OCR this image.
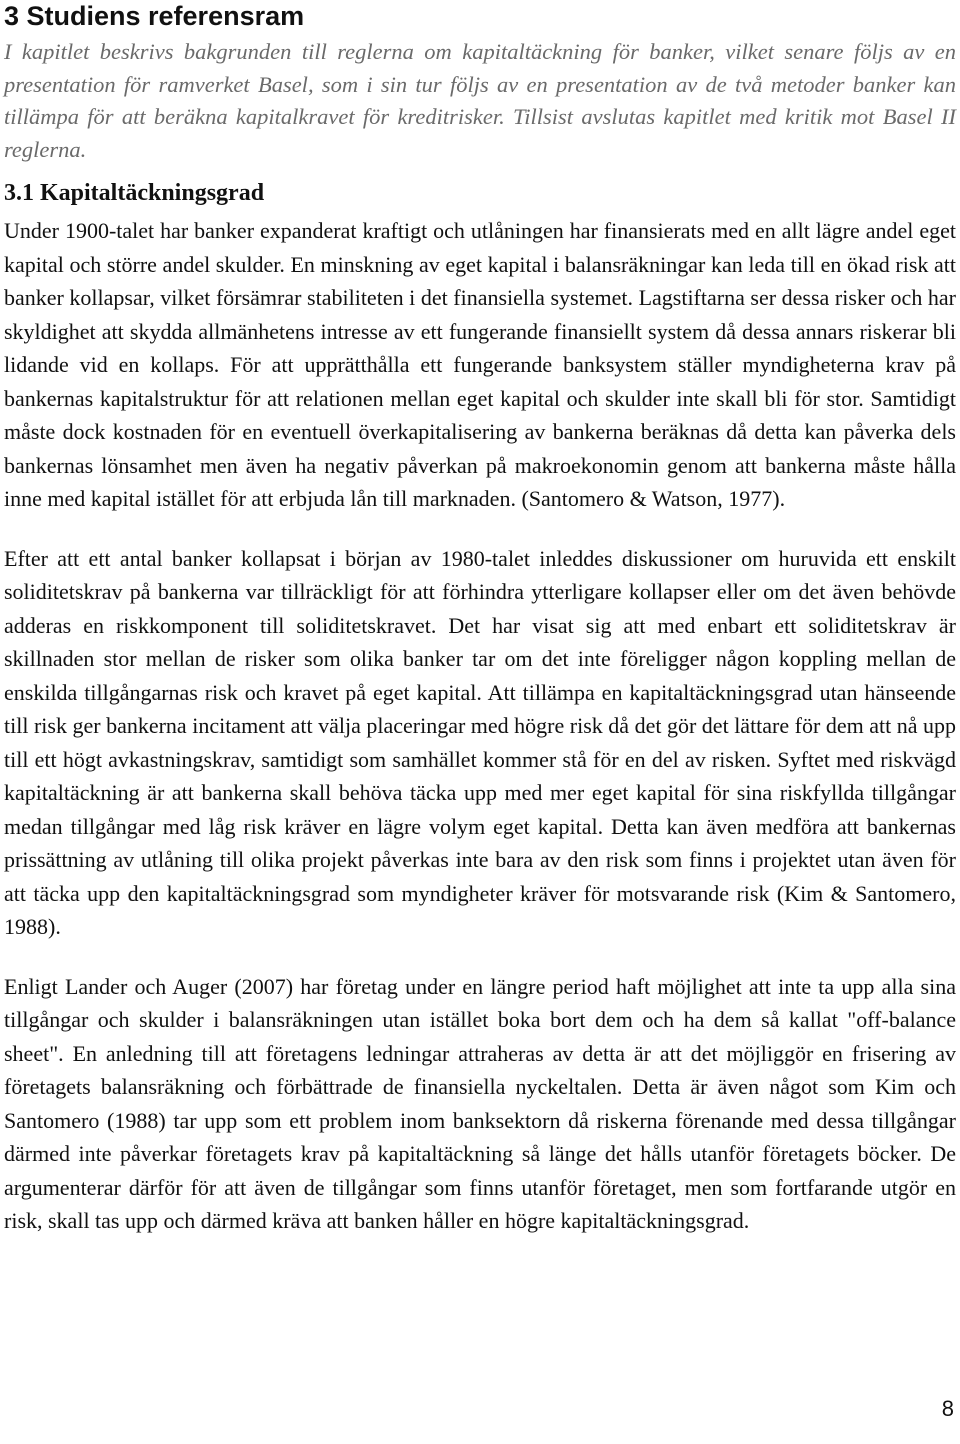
3 Studiens referensram

I kapitlet beskrivs bakgrunden till reglerna om kapitaltäckning för banker, vilket senare följs av en presentation för ramverket Basel, som i sin tur följs av en presentation av de två metoder banker kan tillämpa för att beräkna kapitalkravet för kreditrisker. Tillsist avslutas kapitlet med kritik mot Basel II reglerna.

3.1 Kapitaltäckningsgrad

Under 1900-talet har banker expanderat kraftigt och utlåningen har finansierats med en allt lägre andel eget kapital och större andel skulder. En minskning av eget kapital i balansräkningar kan leda till en ökad risk att banker kollapsar, vilket försämrar stabiliteten i det finansiella systemet. Lagstiftarna ser dessa risker och har skyldighet att skydda allmänhetens intresse av ett fungerande finansiellt system då dessa annars riskerar bli lidande vid en kollaps. För att upprätthålla ett fungerande banksystem ställer myndigheterna krav på bankernas kapitalstruktur för att relationen mellan eget kapital och skulder inte skall bli för stor. Samtidigt måste dock kostnaden för en eventuell överkapitalisering av bankerna beräknas då detta kan påverka dels bankernas lönsamhet men även ha negativ påverkan på makroekonomin genom att bankerna måste hålla inne med kapital istället för att erbjuda lån till marknaden. (Santomero & Watson, 1977).

Efter att ett antal banker kollapsat i början av 1980-talet inleddes diskussioner om huruvida ett enskilt soliditetskrav på bankerna var tillräckligt för att förhindra ytterligare kollapser eller om det även behövde adderas en riskkomponent till soliditetskravet. Det har visat sig att med enbart ett soliditetskrav är skillnaden stor mellan de risker som olika banker tar om det inte föreligger någon koppling mellan de enskilda tillgångarnas risk och kravet på eget kapital. Att tillämpa en kapitaltäckningsgrad utan hänseende till risk ger bankerna incitament att välja placeringar med högre risk då det gör det lättare för dem att nå upp till ett högt avkastningskrav, samtidigt som samhället kommer stå för en del av risken. Syftet med riskvägd kapitaltäckning är att bankerna skall behöva täcka upp med mer eget kapital för sina riskfyllda tillgångar medan tillgångar med låg risk kräver en lägre volym eget kapital. Detta kan även medföra att bankernas prissättning av utlåning till olika projekt påverkas inte bara av den risk som finns i projektet utan även för att täcka upp den kapitaltäckningsgrad som myndigheter kräver för motsvarande risk (Kim & Santomero, 1988).

Enligt Lander och Auger (2007) har företag under en längre period haft möjlighet att inte ta upp alla sina tillgångar och skulder i balansräkningen utan istället boka bort dem och ha dem så kallat "off-balance sheet". En anledning till att företagens ledningar attraheras av detta är att det möjliggör en frisering av företagets balansräkning och förbättrade de finansiella nyckeltalen. Detta är även något som Kim och Santomero (1988) tar upp som ett problem inom banksektorn då riskerna förenande med dessa tillgångar därmed inte påverkar företagets krav på kapitaltäckning så länge det hålls utanför företagets böcker. De argumenterar därför för att även de tillgångar som finns utanför företaget, men som fortfarande utgör en risk, skall tas upp och därmed kräva att banken håller en högre kapitaltäckningsgrad.

8
